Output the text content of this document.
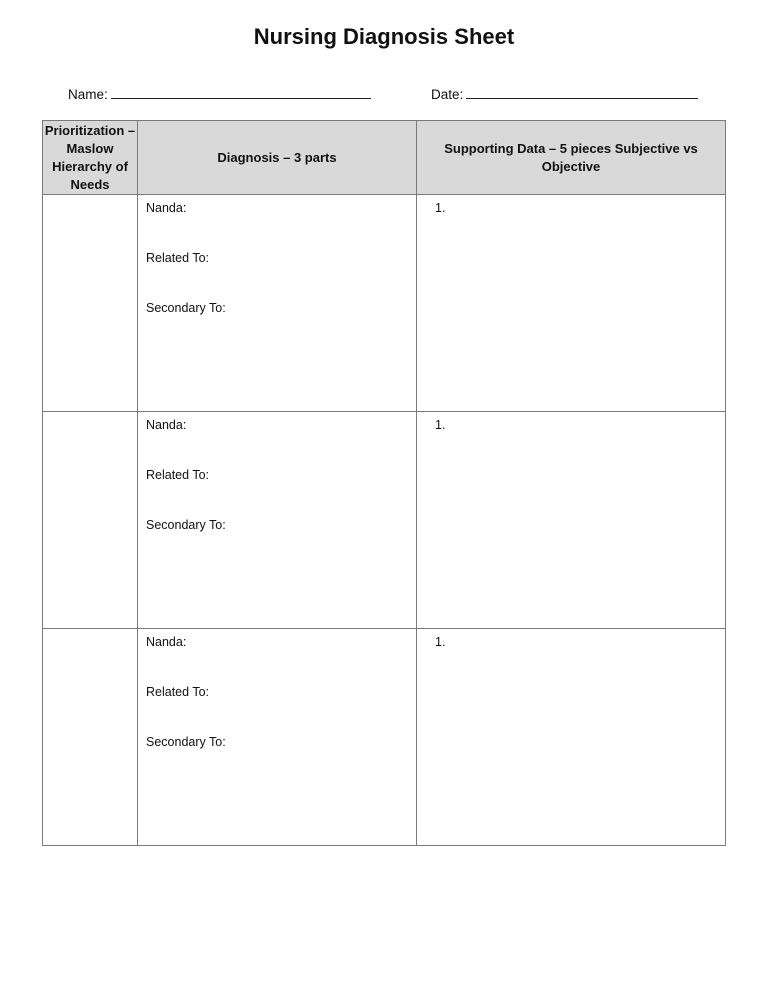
Nursing Diagnosis Sheet
Name:	Date:
Prioritization – Maslow Hierarchy of Needs	Diagnosis – 3 parts	Supporting Data – 5 pieces Subjective vs Objective

	Nanda:
Related To:
Secondary To:	1.

	Nanda:
Related To:
Secondary To:	1.

	Nanda:
Related To:
Secondary To:	1.
